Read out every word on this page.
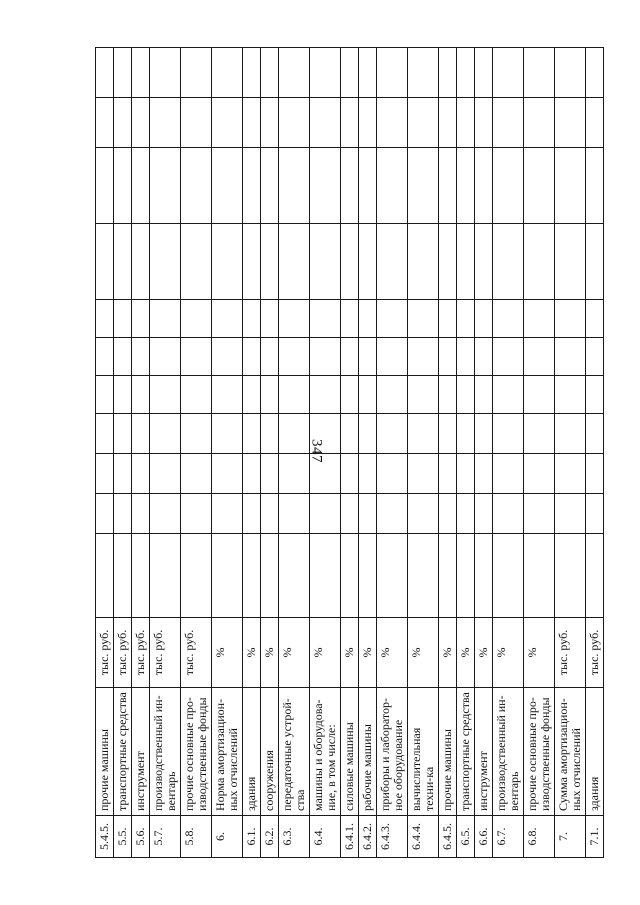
347
5.4.5.	прочие машины	тыс. руб.											
5.5.	транспортные средства	тыс. руб.											
5.6.	инструмент	тыс. руб.											
5.7.	производственный ин-вентарь	тыс. руб.											
5.8.	прочие основные про-изводственные фонды	тыс. руб.											
6.	Норма амортизацион-ных отчислений	%											
6.1.	здания	%											
6.2.	сооружения	%											
6.3.	передаточные устрой-ства	%											
6.4.	машины и оборудова-ние, в том числе:	%											
6.4.1.	силовые машины	%											
6.4.2.	рабочие машины	%											
6.4.3.	приборы и лаборатор-ное оборудование	%											
6.4.4.	вычислительная техни-ка	%											
6.4.5.	прочие машины	%											
6.5.	транспортные средства	%											
6.6.	инструмент	%											
6.7.	производственный ин-вентарь	%											
6.8.	прочие основные про-изводственные фонды	%											
7.	Сумма амортизацион-ных отчислений	тыс. руб.											
7.1.	здания	тыс. руб.											
